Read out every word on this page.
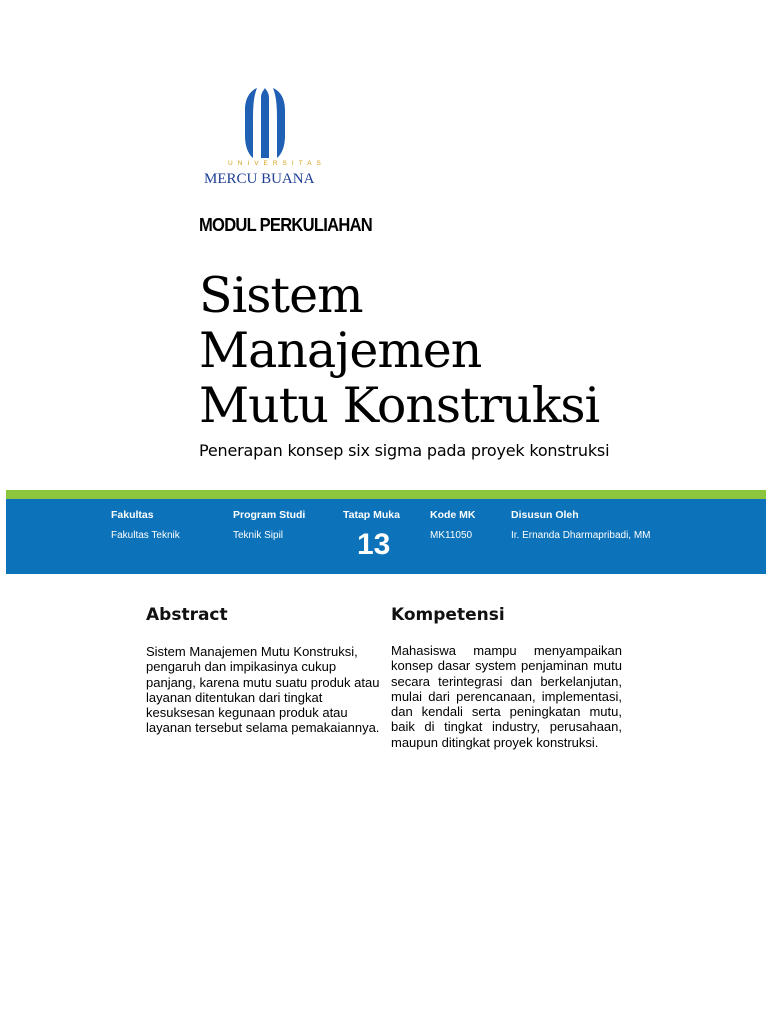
UNIVERSITAS
MERCU BUANA
MODUL PERKULIAHAN
Sistem
Manajemen
Mutu Konstruksi
Penerapan konsep six sigma pada proyek konstruksi
Fakultas
Fakultas Teknik
Program Studi
Teknik Sipil
Tatap Muka
13
Kode MK
MK11050
Disusun Oleh
Ir. Ernanda Dharmapribadi, MM
Abstract	Kompetensi
Sistem Manajemen Mutu Konstruksi, pengaruh dan impikasinya cukup panjang, karena mutu suatu produk atau layanan ditentukan dari tingkat kesuksesan kegunaan produk atau layanan tersebut selama pemakaiannya.
Mahasiswa mampu menyampaikan konsep dasar system penjaminan mutu secara terintegrasi dan berkelanjutan, mulai dari perencanaan, implementasi, dan kendali serta peningkatan mutu, baik di tingkat industry, perusahaan, maupun ditingkat proyek konstruksi.
